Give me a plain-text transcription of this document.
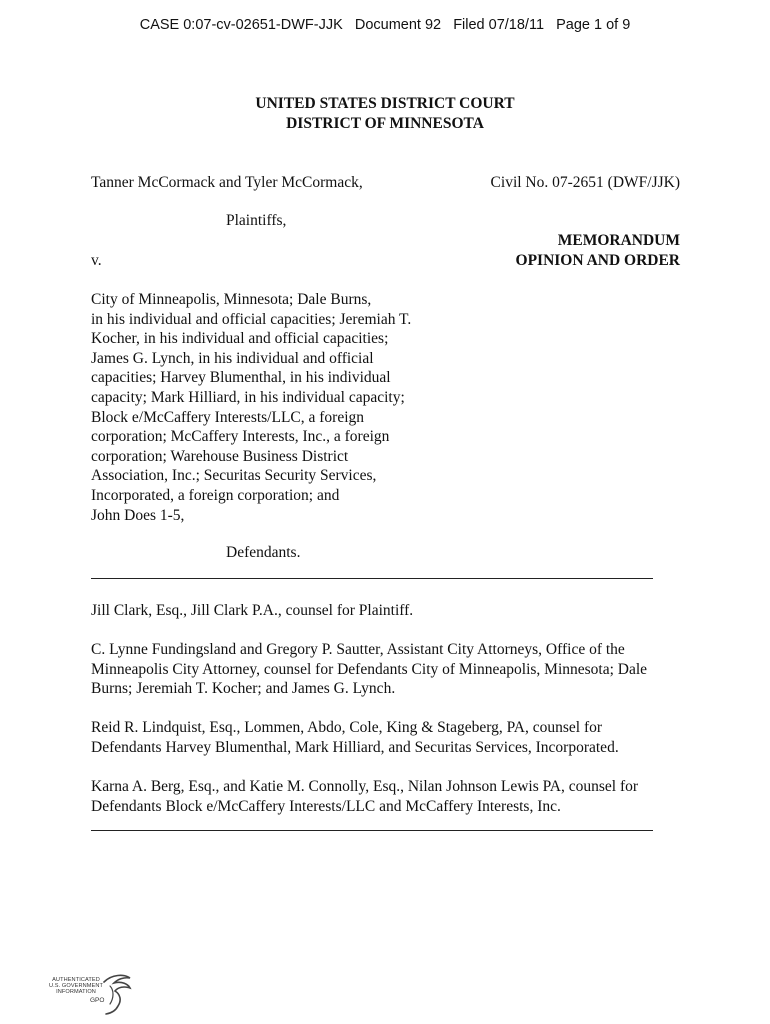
CASE 0:07-cv-02651-DWF-JJK   Document 92   Filed 07/18/11   Page 1 of 9
UNITED STATES DISTRICT COURT
DISTRICT OF MINNESOTA
Tanner McCormack and Tyler McCormack,	Civil No. 07-2651 (DWF/JJK)
Plaintiffs,
MEMORANDUM
v.	OPINION AND ORDER
City of Minneapolis, Minnesota; Dale Burns,
in his individual and official capacities; Jeremiah T.
Kocher, in his individual and official capacities;
James G. Lynch, in his individual and official
capacities; Harvey Blumenthal, in his individual
capacity; Mark Hilliard, in his individual capacity;
Block e/McCaffery Interests/LLC, a foreign
corporation; McCaffery Interests, Inc., a foreign
corporation; Warehouse Business District
Association, Inc.; Securitas Security Services,
Incorporated, a foreign corporation; and
John Does 1-5,
Defendants.
Jill Clark, Esq., Jill Clark P.A., counsel for Plaintiff.
C. Lynne Fundingsland and Gregory P. Sautter, Assistant City Attorneys, Office of the
Minneapolis City Attorney, counsel for Defendants City of Minneapolis, Minnesota; Dale
Burns; Jeremiah T. Kocher; and James G. Lynch.
Reid R. Lindquist, Esq., Lommen, Abdo, Cole, King & Stageberg, PA, counsel for
Defendants Harvey Blumenthal, Mark Hilliard, and Securitas Services, Incorporated.
Karna A. Berg, Esq., and Katie M. Connolly, Esq., Nilan Johnson Lewis PA, counsel for
Defendants Block e/McCaffery Interests/LLC and McCaffery Interests, Inc.
AUTHENTICATED
U.S. GOVERNMENT
INFORMATION
GPO
